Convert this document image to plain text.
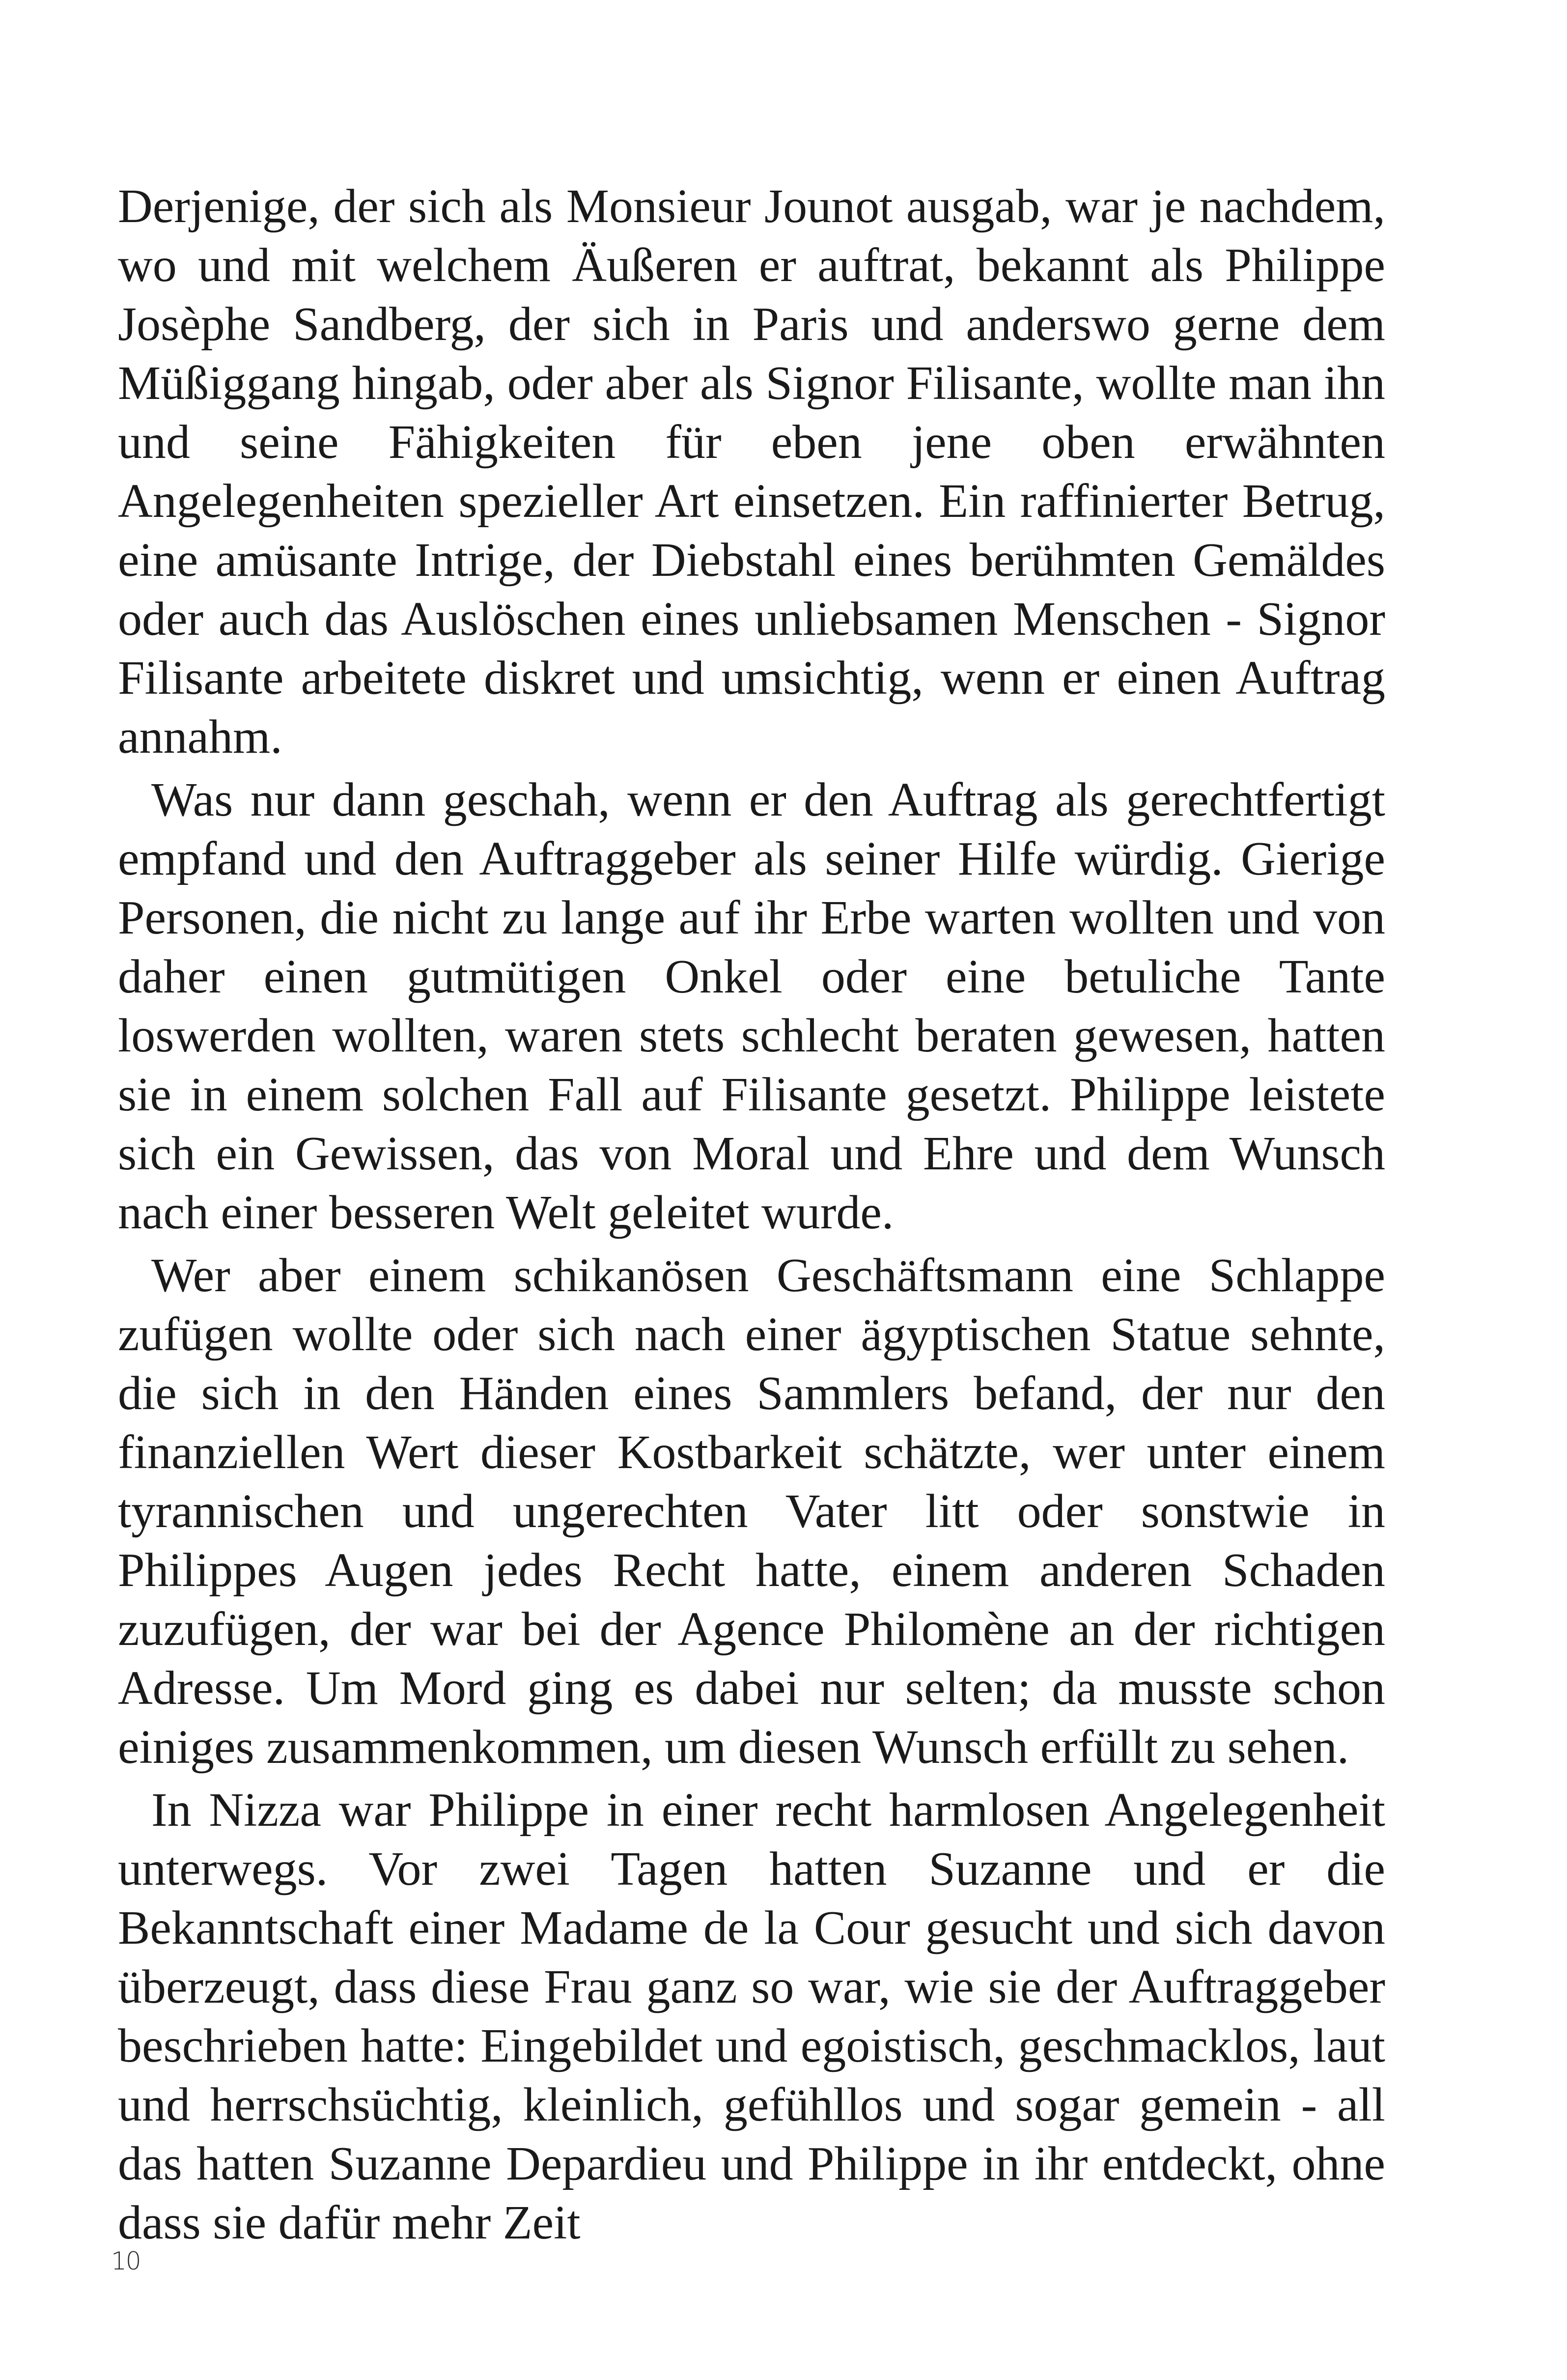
Derjenige, der sich als Monsieur Jounot ausgab, war je nachdem, wo und mit welchem Äußeren er auftrat, bekannt als Philippe Josèphe Sandberg, der sich in Paris und anderswo gerne dem Müßiggang hingab, oder aber als Signor Filisante, wollte man ihn und seine Fähigkeiten für eben jene oben erwähnten Angelegenheiten spezieller Art einsetzen. Ein raffinierter Betrug, eine amüsante Intrige, der Diebstahl eines berühmten Gemäldes oder auch das Auslöschen eines unliebsamen Menschen - Signor Filisante arbeitete diskret und umsichtig, wenn er einen Auftrag annahm.

Was nur dann geschah, wenn er den Auftrag als gerechtfertigt empfand und den Auftraggeber als seiner Hilfe würdig. Gierige Personen, die nicht zu lange auf ihr Erbe warten wollten und von daher einen gutmütigen Onkel oder eine betuliche Tante loswerden wollten, waren stets schlecht beraten gewesen, hatten sie in einem solchen Fall auf Filisante gesetzt. Philippe leistete sich ein Gewissen, das von Moral und Ehre und dem Wunsch nach einer besseren Welt geleitet wurde.

Wer aber einem schikanösen Geschäftsmann eine Schlappe zufügen wollte oder sich nach einer ägyptischen Statue sehnte, die sich in den Händen eines Sammlers befand, der nur den finanziellen Wert dieser Kostbarkeit schätzte, wer unter einem tyrannischen und ungerechten Vater litt oder sonstwie in Philippes Augen jedes Recht hatte, einem anderen Schaden zuzufügen, der war bei der Agence Philomène an der richtigen Adresse. Um Mord ging es dabei nur selten; da musste schon einiges zusammenkommen, um diesen Wunsch erfüllt zu sehen.

In Nizza war Philippe in einer recht harmlosen Angelegenheit unterwegs. Vor zwei Tagen hatten Suzanne und er die Bekanntschaft einer Madame de la Cour gesucht und sich davon überzeugt, dass diese Frau ganz so war, wie sie der Auftraggeber beschrieben hatte: Eingebildet und egoistisch, geschmacklos, laut und herrschsüchtig, kleinlich, gefühllos und sogar gemein - all das hatten Suzanne Depardieu und Philippe in ihr entdeckt, ohne dass sie dafür mehr Zeit

10
